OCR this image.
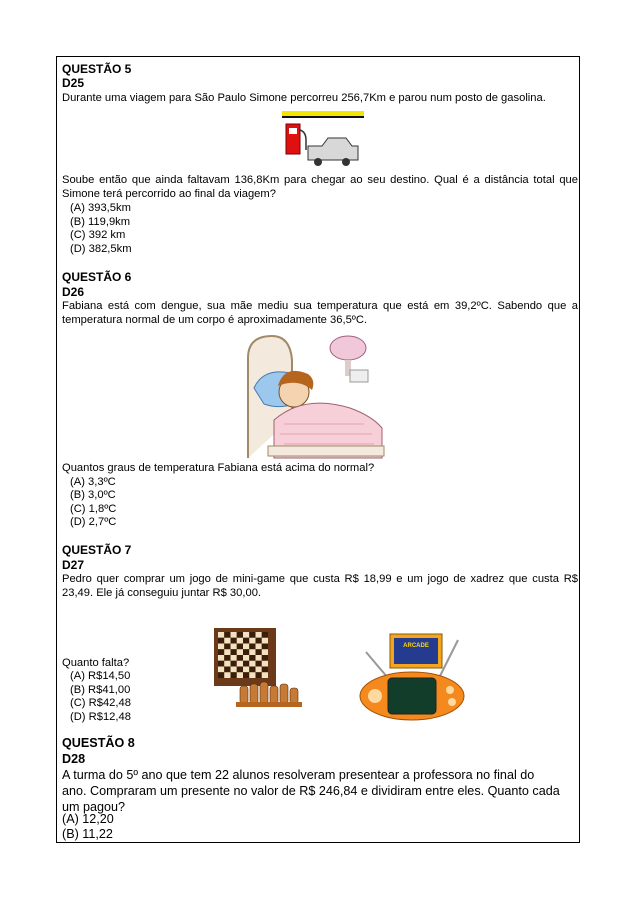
QUESTÃO 5
D25
Durante uma viagem para São Paulo Simone percorreu 256,7Km e parou num posto de gasolina.
Soube então que ainda faltavam 136,8Km para chegar ao seu destino. Qual é a distância total que Simone terá percorrido ao final da viagem?
(A) 393,5km
(B) 119,9km
(C) 392 km
(D) 382,5km
QUESTÃO 6
D26
Fabiana está com dengue, sua mãe mediu sua temperatura que está em 39,2ºC. Sabendo que a temperatura normal de um corpo é aproximadamente 36,5ºC.
Quantos graus de temperatura Fabiana está acima do normal?
(A) 3,3ºC
(B) 3,0ºC
(C) 1,8ºC
(D) 2,7ºC
QUESTÃO 7
D27
Pedro quer comprar um jogo de mini-game que custa R$ 18,99 e um jogo de xadrez que custa R$ 23,49. Ele já conseguiu juntar R$ 30,00.
ARCADE
Quanto falta?
(A) R$14,50
(B) R$41,00
(C) R$42,48
(D) R$12,48
QUESTÃO 8
D28
A turma do 5º ano que tem 22 alunos resolveram presentear a professora no final do ano. Compraram um presente no valor de R$ 246,84 e dividiram entre eles. Quanto cada um pagou?
(A) 12,20
(B) 11,22
